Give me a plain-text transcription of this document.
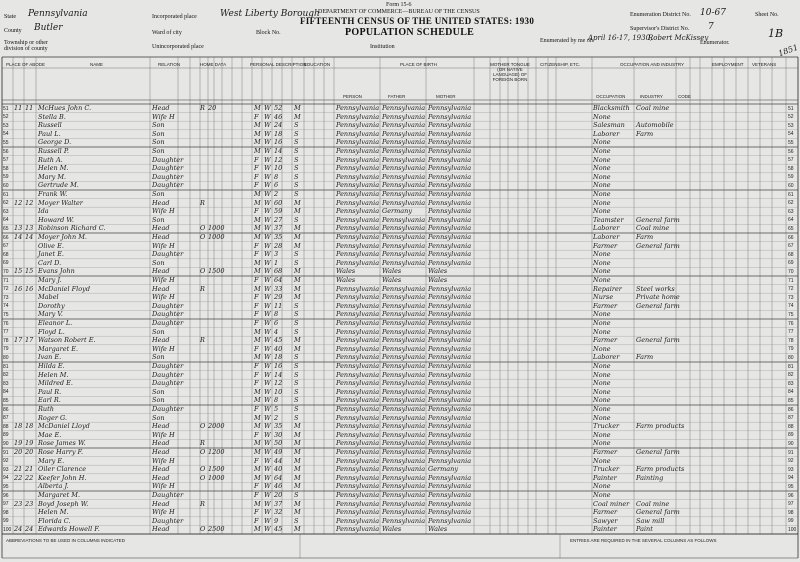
Form 15-6
DEPARTMENT OF COMMERCE—BUREAU OF THE CENSUS
FIFTEENTH CENSUS OF THE UNITED STATES: 1930
POPULATION SCHEDULE
State Pennsylvania
County Butler
Township or other division of county
Incorporated place	West Liberty Borough
Ward of city	Block No.
Unincorporated place	Institution
Enumerated by me on
April 16-17, 1930,
Robert McKissey
Enumerator.
Enumeration District No. 10-67	Sheet No.
1B
Supervisor's District No. 7
1851
PLACE OF ABODE	NAME	RELATION	HOME DATA	PERSONAL DESCRIPTION
EDUCATION	PLACE OF BIRTH	MOTHER TONGUE (OR NATIVE LANGUAGE) OF FOREIGN BORN
CITIZENSHIP, ETC.	OCCUPATION AND INDUSTRY	EMPLOYMENT VETERANS
PERSON	FATHER	MOTHER	OCCUPATION	INDUSTRY	CODE
51 11 11 McHues John C.	Head	R 20	M W 52 M	Pennsylvania Pennsylvania Pennsylvania	Blacksmith Coal mine	51
52	Stella B.	Wife H	F W 46 M	Pennsylvania Pennsylvania Pennsylvania	None	52
53	Russell	Son	M W 24 S	Pennsylvania Pennsylvania Pennsylvania	Salesman Automobile	53
54	Paul L.	Son	M W 18 S	Pennsylvania Pennsylvania Pennsylvania	Laborer	Farm	54
55	George D.	Son	M W 16 S	Pennsylvania Pennsylvania Pennsylvania	None	55
56	Russell P.	Son	M W 14 S	Pennsylvania Pennsylvania Pennsylvania	None	56
57	Ruth A.	Daughter	F W 12 S	Pennsylvania Pennsylvania Pennsylvania	None	57
58	Helen M.	Daughter	F W 10 S	Pennsylvania Pennsylvania Pennsylvania	None	58
59	Mary M.	Daughter	F W 8 S	Pennsylvania Pennsylvania Pennsylvania	None	59
60	Gertrude M.	Daughter	F W 6 S	Pennsylvania Pennsylvania Pennsylvania	None	60
61	Frank W.	Son	M W 2 S	Pennsylvania Pennsylvania Pennsylvania	None	61
62 12 12 Moyer Walter	Head	R	M W 60 M	Pennsylvania Pennsylvania Pennsylvania	None	62
63	Ida	Wife H	F W 59 M	Pennsylvania Germany Pennsylvania	None	63
64	Howard W.	Son	M W 27 S	Pennsylvania Pennsylvania Pennsylvania	Teamster General farm	64
65 13 13 Robinson Richard C.	Head	O 1000	M W 37 M	Pennsylvania Pennsylvania Pennsylvania	Laborer	Coal mine	65
66 14 14 Moyer John M.	Head	O 1000	M W 35 M	Pennsylvania Pennsylvania Pennsylvania	Laborer	Farm	66
67	Olive E.	Wife H	F W 28 M	Pennsylvania Pennsylvania Pennsylvania	Farmer	General farm	67
68	Janet E.	Daughter	F W 3 S	Pennsylvania Pennsylvania Pennsylvania	None	68
69	Carl D.	Son	M W 1 S	Pennsylvania Pennsylvania Pennsylvania	None	69
70 15 15 Evans John	Head	O 1500	M W 68 M	Wales	Wales	Wales	None	70
71	Mary J.	Wife H	F W 64 M	Wales	Wales	Wales	None	71
72 16 16 McDaniel Floyd	Head	R	M W 33 M	Pennsylvania Pennsylvania Pennsylvania	Repairer Steel works	72
73	Mabel	Wife H	F W 29 M	Pennsylvania Pennsylvania Pennsylvania	Nurse	Private home	73
74	Dorothy	Daughter	F W 11 S	Pennsylvania Pennsylvania Pennsylvania	Farmer	General farm	74
75	Mary V.	Daughter	F W 8 S	Pennsylvania Pennsylvania Pennsylvania	None	75
76	Eleanor L.	Daughter	F W 6 S	Pennsylvania Pennsylvania Pennsylvania	None	76
77	Floyd L.	Son	M W 4 S	Pennsylvania Pennsylvania Pennsylvania	None	77
78 17 17 Watson Robert E.	Head	R	M W 45 M	Pennsylvania Pennsylvania Pennsylvania	Farmer	General farm	78
79	Margaret E.	Wife H	F W 40 M	Pennsylvania Pennsylvania Pennsylvania	None	79
80	Ivan E.	Son	M W 18 S	Pennsylvania Pennsylvania Pennsylvania	Laborer	Farm	80
81	Hilda E.	Daughter	F W 16 S	Pennsylvania Pennsylvania Pennsylvania	None	81
82	Helen M.	Daughter	F W 14 S	Pennsylvania Pennsylvania Pennsylvania	None	82
83	Mildred E.	Daughter	F W 12 S	Pennsylvania Pennsylvania Pennsylvania	None	83
84	Paul R.	Son	M W 10 S	Pennsylvania Pennsylvania Pennsylvania	None	84
85	Earl R.	Son	M W 8 S	Pennsylvania Pennsylvania Pennsylvania	None	85
86	Ruth	Daughter	F W 5 S	Pennsylvania Pennsylvania Pennsylvania	None	86
87	Roger G.	Son	M W 2 S	Pennsylvania Pennsylvania Pennsylvania	None	87
88 18 18 McDaniel Lloyd	Head	O 2000	M W 35 M	Pennsylvania Pennsylvania Pennsylvania	Trucker	Farm products	88
89	Mae E.	Wife H	F W 30 M	Pennsylvania Pennsylvania Pennsylvania	None	89
90 19 19 Rose James W.	Head	R	M W 50 M	Pennsylvania Pennsylvania Pennsylvania	None	90
91 20 20 Rose Harry F.	Head	O 1200	M W 49 M	Pennsylvania Pennsylvania Pennsylvania	Farmer	General farm	91
92	Mary E.	Wife H	F W 44 M	Pennsylvania Pennsylvania Pennsylvania	None	92
93 21 21 Oiler Clarence	Head	O 1500	M W 40 M	Pennsylvania Pennsylvania Germany	Trucker	Farm products	93
94 22 22 Keefer John H.	Head	O 1000	M W 64 M	Pennsylvania Pennsylvania Pennsylvania	Painter	Painting	94
95	Alberta J.	Wife H	F W 46 M	Pennsylvania Pennsylvania Pennsylvania	None	95
96	Margaret M.	Daughter	F W 20 S	Pennsylvania Pennsylvania Pennsylvania	None	96
97 23 23 Boyd Joseph W.	Head	R	M W 37 M	Pennsylvania Pennsylvania Pennsylvania	Coal miner Coal mine	97
98	Helen M.	Wife H	F W 32 M	Pennsylvania Pennsylvania Pennsylvania	Farmer	General farm	98
99	Florida C.	Daughter	F W 9 S	Pennsylvania Pennsylvania Pennsylvania	Sawyer	Saw mill	99
100 24 24 Edwards Howell F.	Head	O 2500	M W 45 M	Pennsylvania Wales	Wales	Painter	Paint	100
ABBREVIATIONS TO BE USED IN COLUMNS INDICATED	ENTRIES ARE REQUIRED IN THE SEVERAL COLUMNS AS FOLLOWS
